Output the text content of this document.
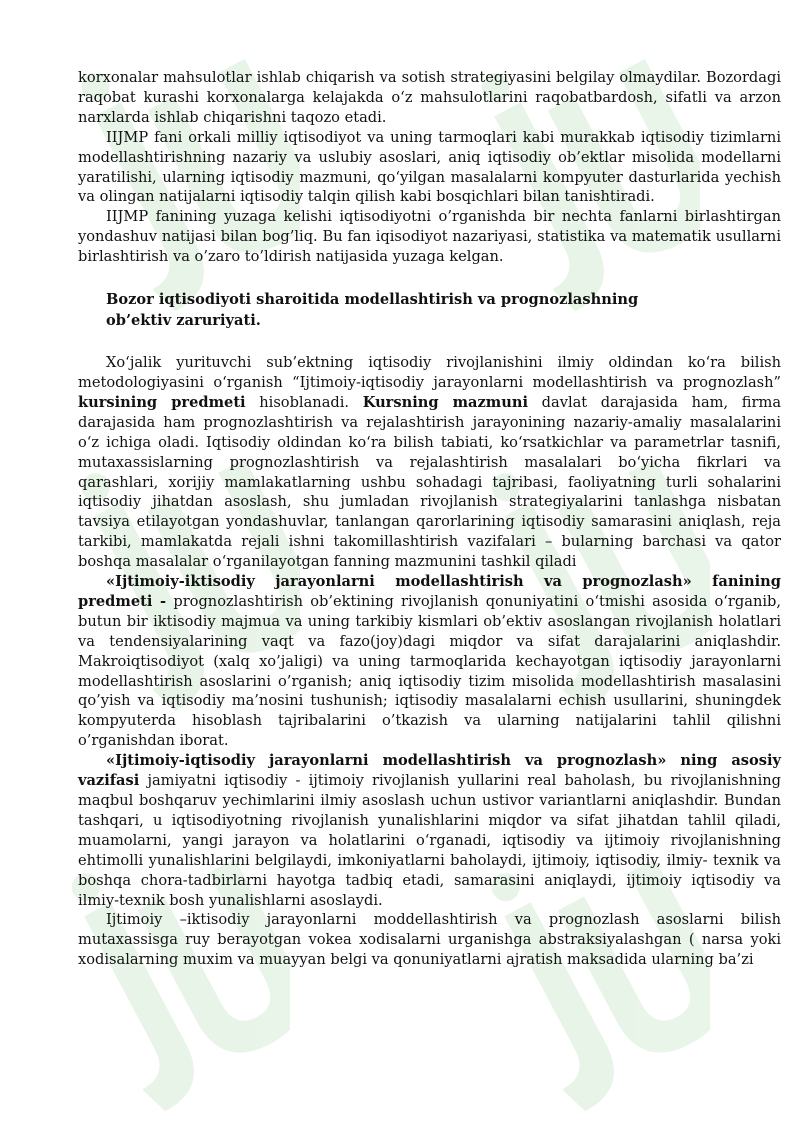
korxonalar mahsulotlar ishlab chiqarish va sotish strategiyasini belgilay olmaydilar. Bozordagi raqobat kurashi korxonalarga kelajakda o‘z mahsulotlarini raqobatbardosh, sifatli va arzon narxlarda ishlab chiqarishni taqozo etadi.

IIJMP fani orkali milliy iqtisodiyot va uning tarmoqlari kabi murakkab iqtisodiy tizimlarni modellashtirishning nazariy va uslubiy asoslari, aniq iqtisodiy ob’ektlar misolida modellarni yaratilishi, ularning iqtisodiy mazmuni, qo‘yilgan masalalarni kompyuter dasturlarida yechish va olingan natijalarni iqtisodiy talqin qilish kabi bosqichlari bilan tanishtiradi.

IIJMP fanining yuzaga kelishi iqtisodiyotni o’rganishda bir nechta fanlarni birlashtirgan yondashuv natijasi bilan bog’liq. Bu fan iqisodiyot nazariyasi, statistika va matematik usullarni birlashtirish va o’zaro to’ldirish natijasida yuzaga kelgan.

Bozor iqtisodiyoti sharoitida modellashtirish va prognozlashning
ob’ektiv zaruriyati.

Xo‘jalik yurituvchi sub’ektning iqtisodiy rivojlanishini ilmiy oldindan ko‘ra bilish metodologiyasini o‘rganish “Ijtimoiy-iqtisodiy jarayonlarni modellashtirish va prognozlash” kursining predmeti hisoblanadi. Kursning mazmuni davlat darajasida ham, firma darajasida ham prognozlashtirish va rejalashtirish jarayonining nazariy-amaliy masalalarini o‘z ichiga oladi. Iqtisodiy oldindan ko‘ra bilish tabiati, ko‘rsatkichlar va parametrlar tasnifi, mutaxassislarning prognozlashtirish va rejalashtirish masalalari bo‘yicha fikrlari va qarashlari, xorijiy mamlakatlarning ushbu sohadagi tajribasi, faoliyatning turli sohalarini iqtisodiy jihatdan asoslash, shu jumladan rivojlanish strategiyalarini tanlashga nisbatan tavsiya etilayotgan yondashuvlar, tanlangan qarorlarining iqtisodiy samarasini aniqlash, reja tarkibi, mamlakatda rejali ishni takomillashtirish vazifalari – bularning barchasi va qator boshqa masalalar o‘rganilayotgan fanning mazmunini tashkil qiladi

«Ijtimoiy-iktisodiy jarayonlarni modellashtirish va prognozlash» fanining predmeti - prognozlashtirish ob’ektining rivojlanish qonuniyatini o‘tmishi asosida o‘rganib, butun bir iktisodiy majmua va uning tarkibiy kismlari ob’ektiv asoslangan rivojlanish holatlari va tendensiyalarining vaqt va fazo(joy)dagi miqdor va sifat darajalarini aniqlashdir. Makroiqtisodiyot (xalq xo’jaligi) va uning tarmoqlarida kechayotgan iqtisodiy jarayonlarni modellashtirish asoslarini o’rganish; aniq iqtisodiy tizim misolida modellashtirish masalasini qo’yish va iqtisodiy ma’nosini tushunish; iqtisodiy masalalarni echish usullarini, shuningdek kompyuterda hisoblash tajribalarini o’tkazish va ularning natijalarini tahlil qilishni o’rganishdan iborat.

«Ijtimoiy-iqtisodiy jarayonlarni modellashtirish va prognozlash» ning asosiy vazifasi jamiyatni iqtisodiy - ijtimoiy rivojlanish yullarini real baholash, bu rivojlanishning maqbul boshqaruv yechimlarini ilmiy asoslash uchun ustivor variantlarni aniqlashdir. Bundan tashqari, u iqtisodiyotning rivojlanish yunalishlarini miqdor va sifat jihatdan tahlil qiladi, muamolarni, yangi jarayon va holatlarini o‘rganadi, iqtisodiy va ijtimoiy rivojlanishning ehtimolli yunalishlarini belgilaydi, imkoniyatlarni baholaydi, ijtimoiy, iqtisodiy, ilmiy- texnik va boshqa chora-tadbirlarni hayotga tadbiq etadi, samarasini aniqlaydi, ijtimoiy iqtisodiy va ilmiy-texnik bosh yunalishlarni asoslaydi.

Ijtimoiy –iktisodiy jarayonlarni moddellashtirish va prognozlash asoslarni bilish mutaxassisga ruy berayotgan vokea xodisalarni urganishga abstraksiyalashgan ( narsa yoki xodisalarning muxim va muayyan belgi va qonuniyatlarni ajratish maksadida ularning ba’zi
